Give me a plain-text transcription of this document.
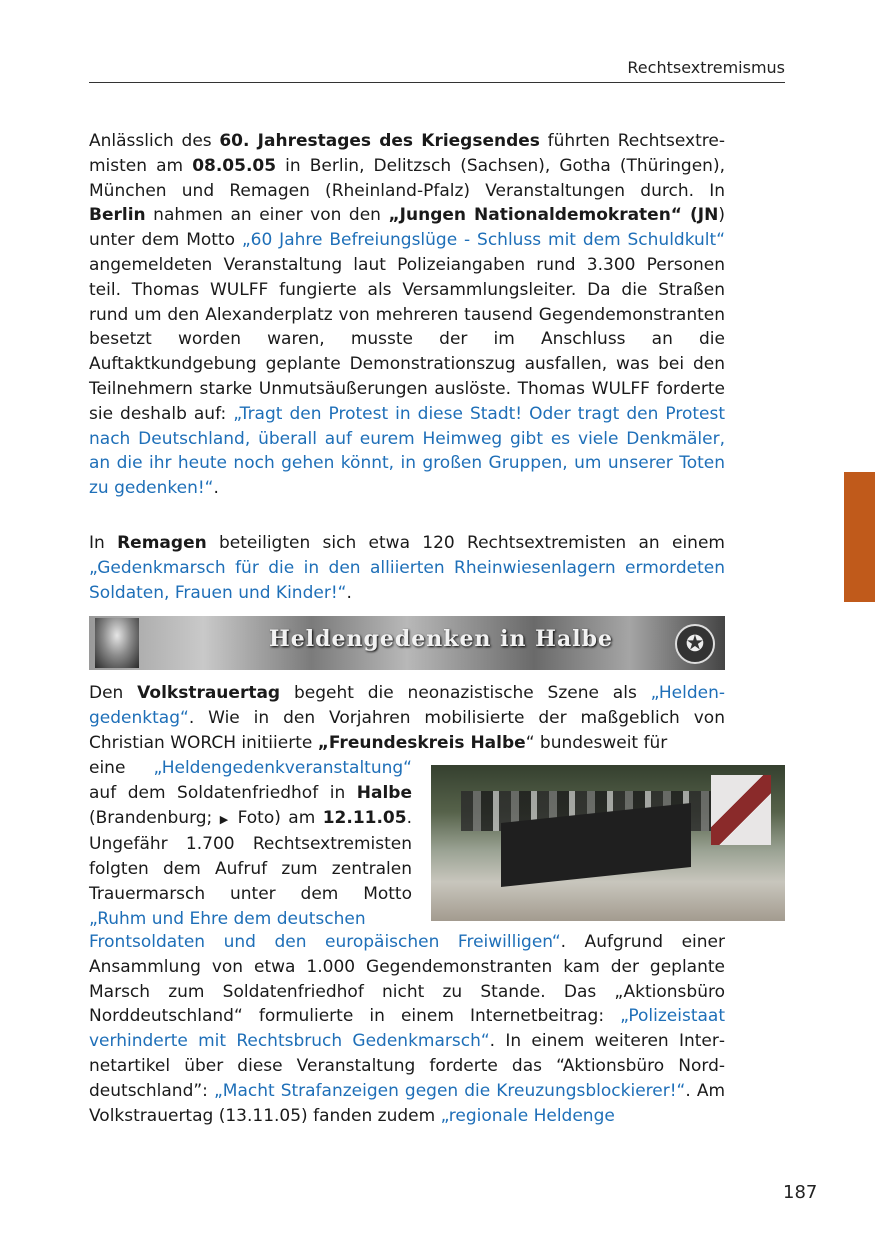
Rechtsextremismus

Anlässlich des 60. Jahrestages des Kriegsendes führten Rechtsextremisten am 08.05.05 in Berlin, Delitzsch (Sachsen), Gotha (Thüringen), München und Remagen (Rheinland-Pfalz) Veranstaltungen durch. In Berlin nahmen an einer von den „Jungen Nationaldemokraten“ (JN) unter dem Motto „60 Jahre Befreiungslüge - Schluss mit dem Schuldkult“ angemeldeten Veranstaltung laut Polizeiangaben rund 3.300 Personen teil. Thomas WULFF fungierte als Versammlungsleiter. Da die Straßen rund um den Alexanderplatz von mehreren tausend Gegendemonstranten besetzt worden waren, musste der im Anschluss an die Auftaktkundgebung geplante Demonstrationszug ausfallen, was bei den Teilnehmern starke Unmutsäußerungen auslöste. Thomas WULFF forderte sie deshalb auf: „Tragt den Protest in diese Stadt! Oder tragt den Protest nach Deutschland, überall auf eurem Heimweg gibt es viele Denkmäler, an die ihr heute noch gehen könnt, in großen Gruppen, um unserer Toten zu gedenken!“.

In Remagen beteiligten sich etwa 120 Rechtsextremisten an einem „Gedenkmarsch für die in den alliierten Rheinwiesenlagern ermordeten Soldaten, Frauen und Kinder!“.

Heldengedenken in Halbe	✪

Den Volkstrauertag begeht die neonazistische Szene als „Heldengedenktag“. Wie in den Vorjahren mobilisierte der maßgeblich von Christian WORCH initiierte „Freundeskreis Halbe“ bundesweit für

eine „Heldengedenkveranstaltung“ auf dem Soldatenfriedhof in Halbe (Brandenburg; ▶ Foto) am 12.11.05. Ungefähr 1.700 Rechtsextremisten folgten dem Aufruf zum zentralen Trauermarsch unter dem Motto „Ruhm und Ehre dem deutschen

Frontsoldaten und den europäischen Freiwilligen“. Aufgrund einer Ansammlung von etwa 1.000 Gegendemonstranten kam der geplante Marsch zum Soldatenfriedhof nicht zu Stande. Das „Aktionsbüro Norddeutschland“ formulierte in einem Internetbeitrag: „Polizeistaat verhinderte mit Rechtsbruch Gedenkmarsch“. In einem weiteren Internetartikel über diese Veranstaltung forderte das “Aktionsbüro Norddeutschland”: „Macht Strafanzeigen gegen die Kreuzungsblockierer!“. Am Volkstrauertag (13.11.05) fanden zudem „regionale Heldenge

187
